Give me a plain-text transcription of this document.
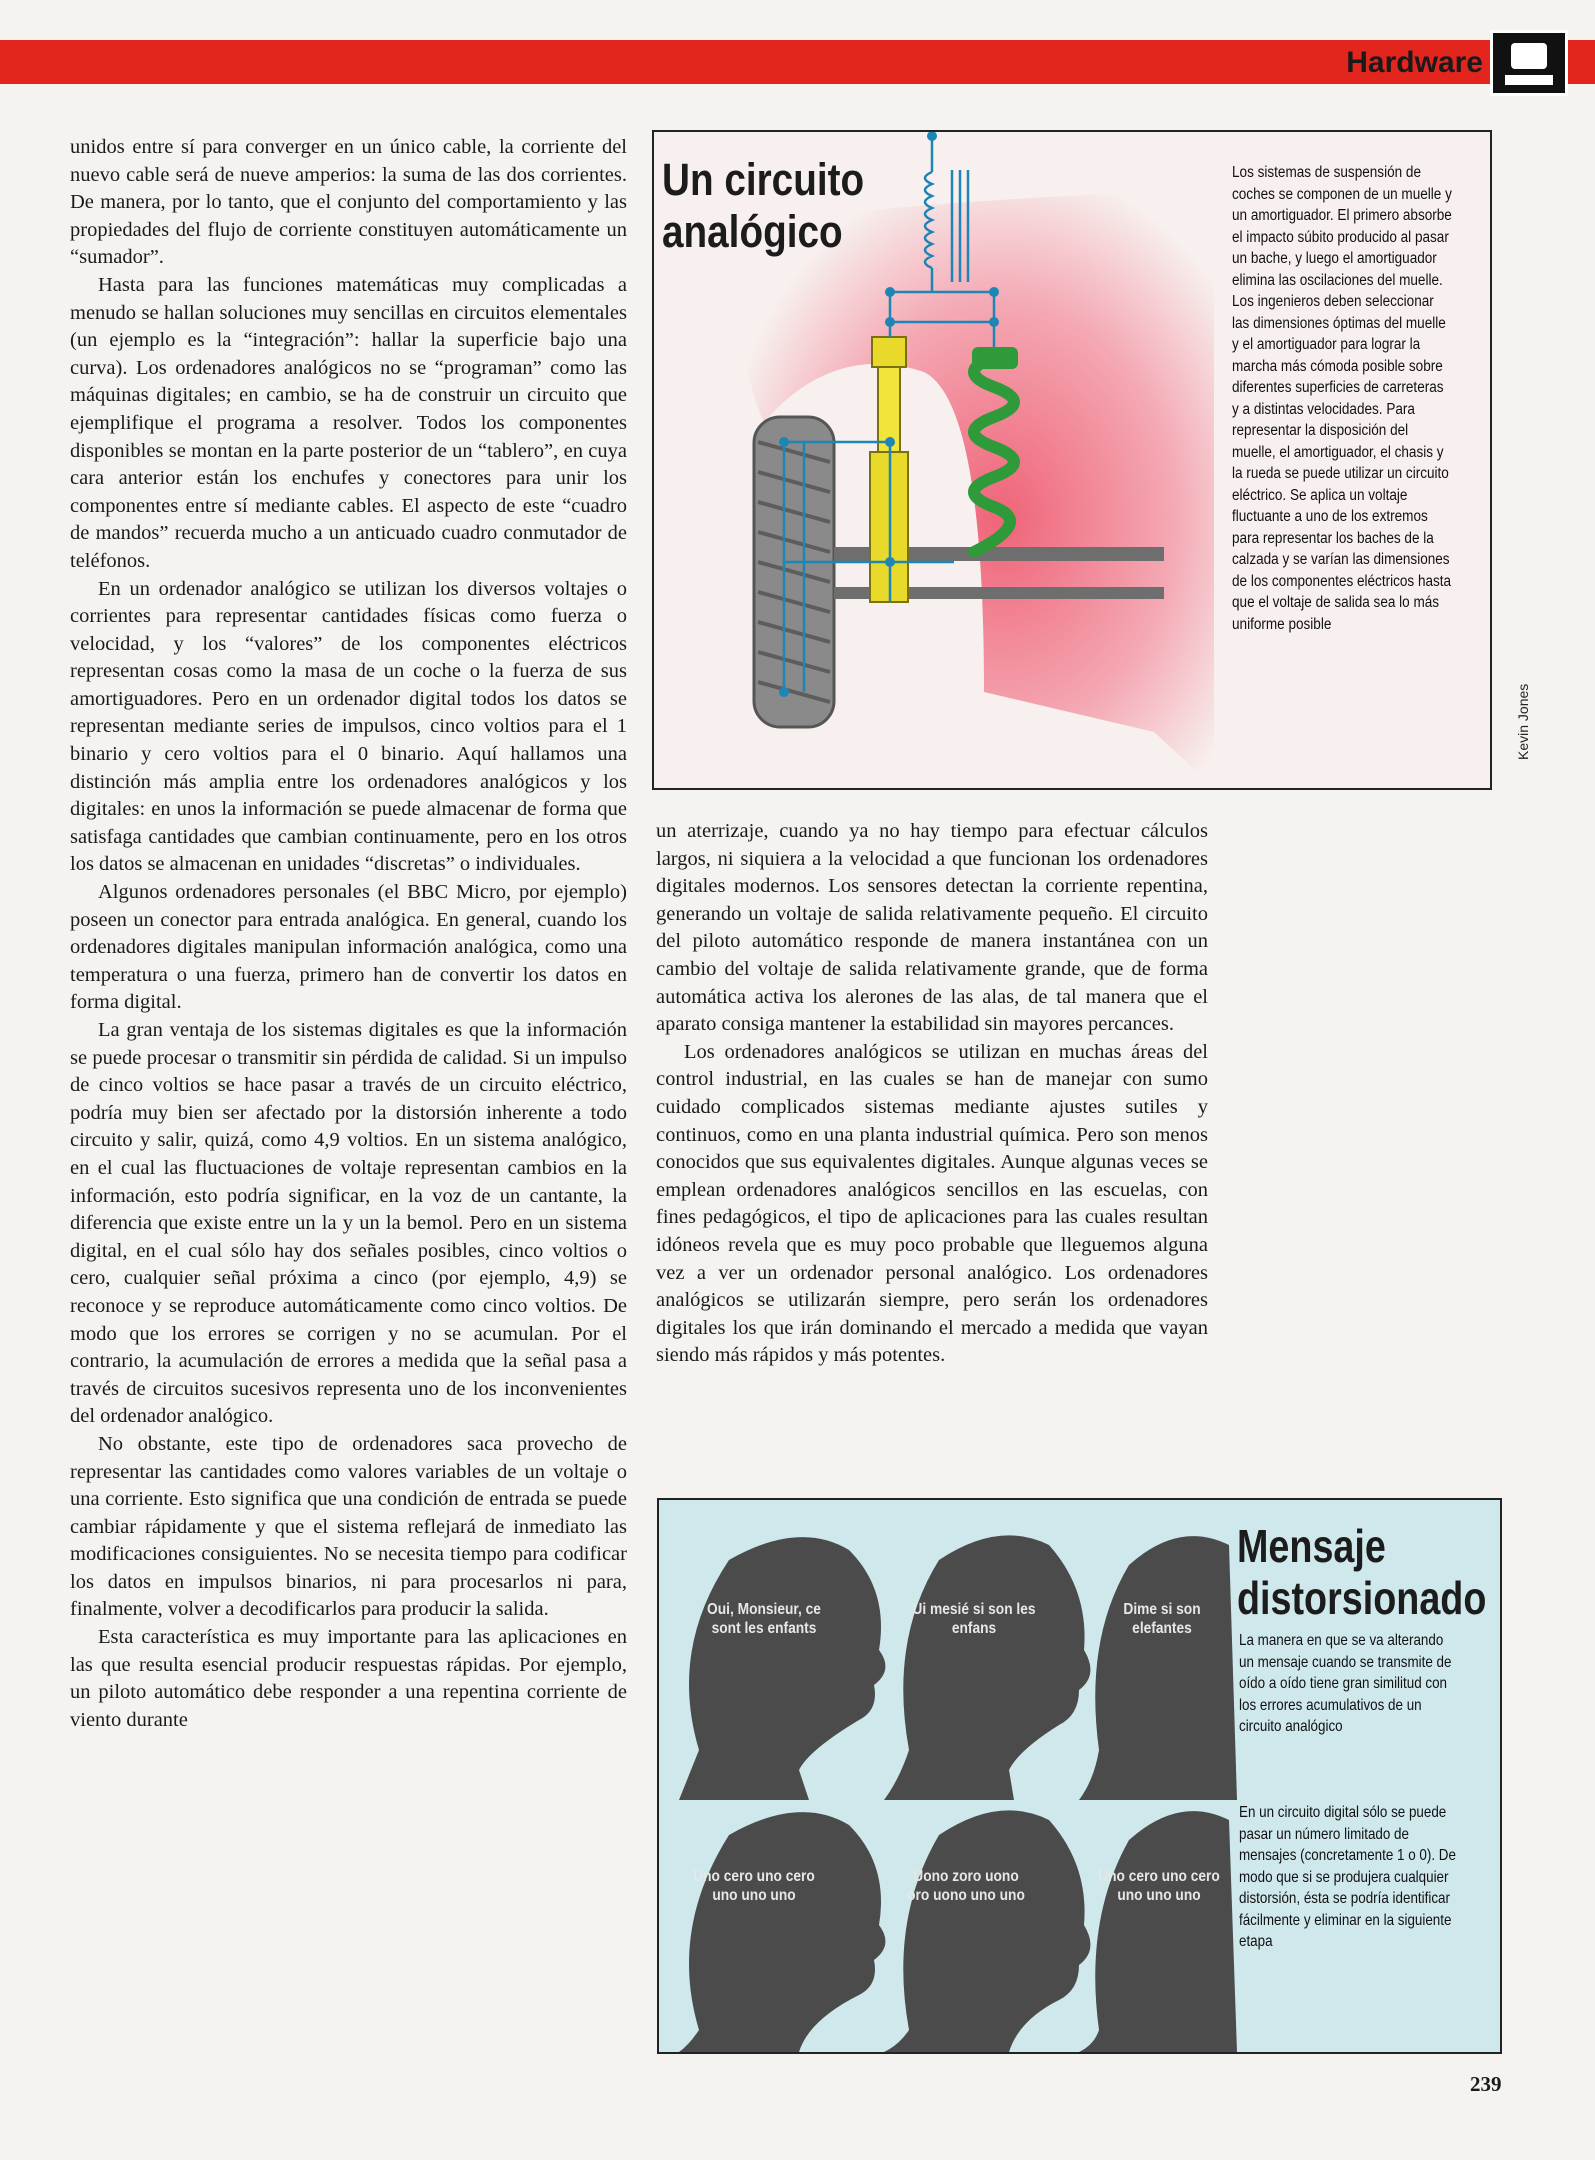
Hardware

unidos entre sí para converger en un único cable, la corriente del nuevo cable será de nueve amperios: la suma de las dos corrientes. De manera, por lo tanto, que el conjunto del comportamiento y las propiedades del flujo de corriente constituyen automáticamente un “sumador”.

Hasta para las funciones matemáticas muy complicadas a menudo se hallan soluciones muy sencillas en circuitos elementales (un ejemplo es la “integración”: hallar la superficie bajo una curva). Los ordenadores analógicos no se “programan” como las máquinas digitales; en cambio, se ha de construir un circuito que ejemplifique el programa a resolver. Todos los componentes disponibles se montan en la parte posterior de un “tablero”, en cuya cara anterior están los enchufes y conectores para unir los componentes entre sí mediante cables. El aspecto de este “cuadro de mandos” recuerda mucho a un anticuado cuadro conmutador de teléfonos.

En un ordenador analógico se utilizan los diversos voltajes o corrientes para representar cantidades físicas como fuerza o velocidad, y los “valores” de los componentes eléctricos representan cosas como la masa de un coche o la fuerza de sus amortiguadores. Pero en un ordenador digital todos los datos se representan mediante series de impulsos, cinco voltios para el 1 binario y cero voltios para el 0 binario. Aquí hallamos una distinción más amplia entre los ordenadores analógicos y los digitales: en unos la información se puede almacenar de forma que satisfaga cantidades que cambian continuamente, pero en los otros los datos se almacenan en unidades “discretas” o individuales.

Algunos ordenadores personales (el BBC Micro, por ejemplo) poseen un conector para entrada analógica. En general, cuando los ordenadores digitales manipulan información analógica, como una temperatura o una fuerza, primero han de convertir los datos en forma digital.

La gran ventaja de los sistemas digitales es que la información se puede procesar o transmitir sin pérdida de calidad. Si un impulso de cinco voltios se hace pasar a través de un circuito eléctrico, podría muy bien ser afectado por la distorsión inherente a todo circuito y salir, quizá, como 4,9 voltios. En un sistema analógico, en el cual las fluctuaciones de voltaje representan cambios en la información, esto podría significar, en la voz de un cantante, la diferencia que existe entre un la y un la bemol. Pero en un sistema digital, en el cual sólo hay dos señales posibles, cinco voltios o cero, cualquier señal próxima a cinco (por ejemplo, 4,9) se reconoce y se reproduce automáticamente como cinco voltios. De modo que los errores se corrigen y no se acumulan. Por el contrario, la acumulación de errores a medida que la señal pasa a través de circuitos sucesivos representa uno de los inconvenientes del ordenador analógico.

No obstante, este tipo de ordenadores saca provecho de representar las cantidades como valores variables de un voltaje o una corriente. Esto significa que una condición de entrada se puede cambiar rápidamente y que el sistema reflejará de inmediato las modificaciones consiguientes. No se necesita tiempo para codificar los datos en impulsos binarios, ni para procesarlos ni para, finalmente, volver a decodificarlos para producir la salida.

Esta característica es muy importante para las aplicaciones en las que resulta esencial producir respuestas rápidas. Por ejemplo, un piloto automático debe responder a una repentina corriente de viento durante

Un circuito
analógico
Los sistemas de suspensión de coches se componen de un muelle y un amortiguador. El primero absorbe el impacto súbito producido al pasar un bache, y luego el amortiguador elimina las oscilaciones del muelle. Los ingenieros deben seleccionar las dimensiones óptimas del muelle y el amortiguador para lograr la marcha más cómoda posible sobre diferentes superficies de carreteras y a distintas velocidades. Para representar la disposición del muelle, el amortiguador, el chasis y la rueda se puede utilizar un circuito eléctrico. Se aplica un voltaje fluctuante a uno de los extremos para representar los baches de la calzada y se varían las dimensiones de los componentes eléctricos hasta que el voltaje de salida sea lo más uniforme posible
Kevin Jones

un aterrizaje, cuando ya no hay tiempo para efectuar cálculos largos, ni siquiera a la velocidad a que funcionan los ordenadores digitales modernos. Los sensores detectan la corriente repentina, generando un voltaje de salida relativamente pequeño. El circuito del piloto automático responde de manera instantánea con un cambio del voltaje de salida relativamente grande, que de forma automática activa los alerones de las alas, de tal manera que el aparato consiga mantener la estabilidad sin mayores percances.

Los ordenadores analógicos se utilizan en muchas áreas del control industrial, en las cuales se han de manejar con sumo cuidado complicados sistemas mediante ajustes sutiles y continuos, como en una planta industrial química. Pero son menos conocidos que sus equivalentes digitales. Aunque algunas veces se emplean ordenadores analógicos sencillos en las escuelas, con fines pedagógicos, el tipo de aplicaciones para las cuales resultan idóneos revela que es muy poco probable que lleguemos alguna vez a ver un ordenador personal analógico. Los ordenadores analógicos se utilizarán siempre, pero serán los ordenadores digitales los que irán dominando el mercado a medida que vayan siendo más rápidos y más potentes.

Oui, Monsieur, ce sont les enfants
Ui mesié si son les enfans
Dime si son elefantes
Uno cero uno cero uno uno uno
Uono zoro uono oro uono uno uno
Uno cero uno cero uno uno uno
Mensaje
distorsionado
La manera en que se va alterando un mensaje cuando se transmite de oído a oído tiene gran similitud con los errores acumulativos de un circuito analógico
En un circuito digital sólo se puede pasar un número limitado de mensajes (concretamente 1 o 0). De modo que si se produjera cualquier distorsión, ésta se podría identificar fácilmente y eliminar en la siguiente etapa
239
